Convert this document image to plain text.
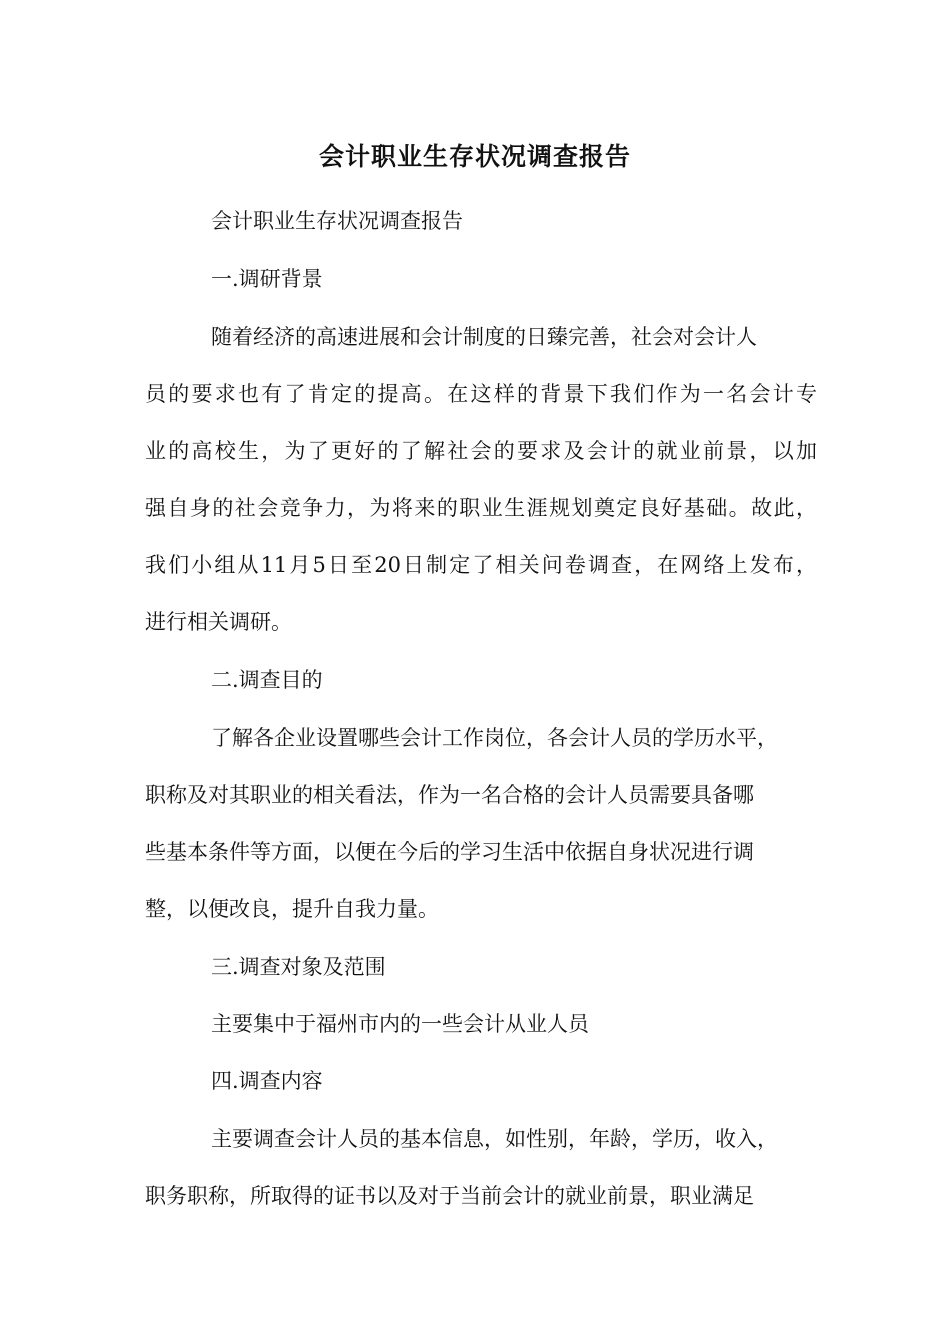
会计职业生存状况调查报告
会计职业生存状况调查报告
一.调研背景
随着经济的高速进展和会计制度的日臻完善，社会对会计人
员的要求也有了肯定的提高。在这样的背景下我们作为一名会计专
业的高校生，为了更好的了解社会的要求及会计的就业前景，以加
强自身的社会竞争力，为将来的职业生涯规划奠定良好基础。故此，
我们小组从11月5日至20日制定了相关问卷调查，在网络上发布，
进行相关调研。
二.调查目的
了解各企业设置哪些会计工作岗位，各会计人员的学历水平，
职称及对其职业的相关看法，作为一名合格的会计人员需要具备哪
些基本条件等方面，以便在今后的学习生活中依据自身状况进行调
整，以便改良，提升自我力量。
三.调查对象及范围
主要集中于福州市内的一些会计从业人员
四.调查内容
主要调查会计人员的基本信息，如性别，年龄，学历，收入，
职务职称，所取得的证书以及对于当前会计的就业前景，职业满足
